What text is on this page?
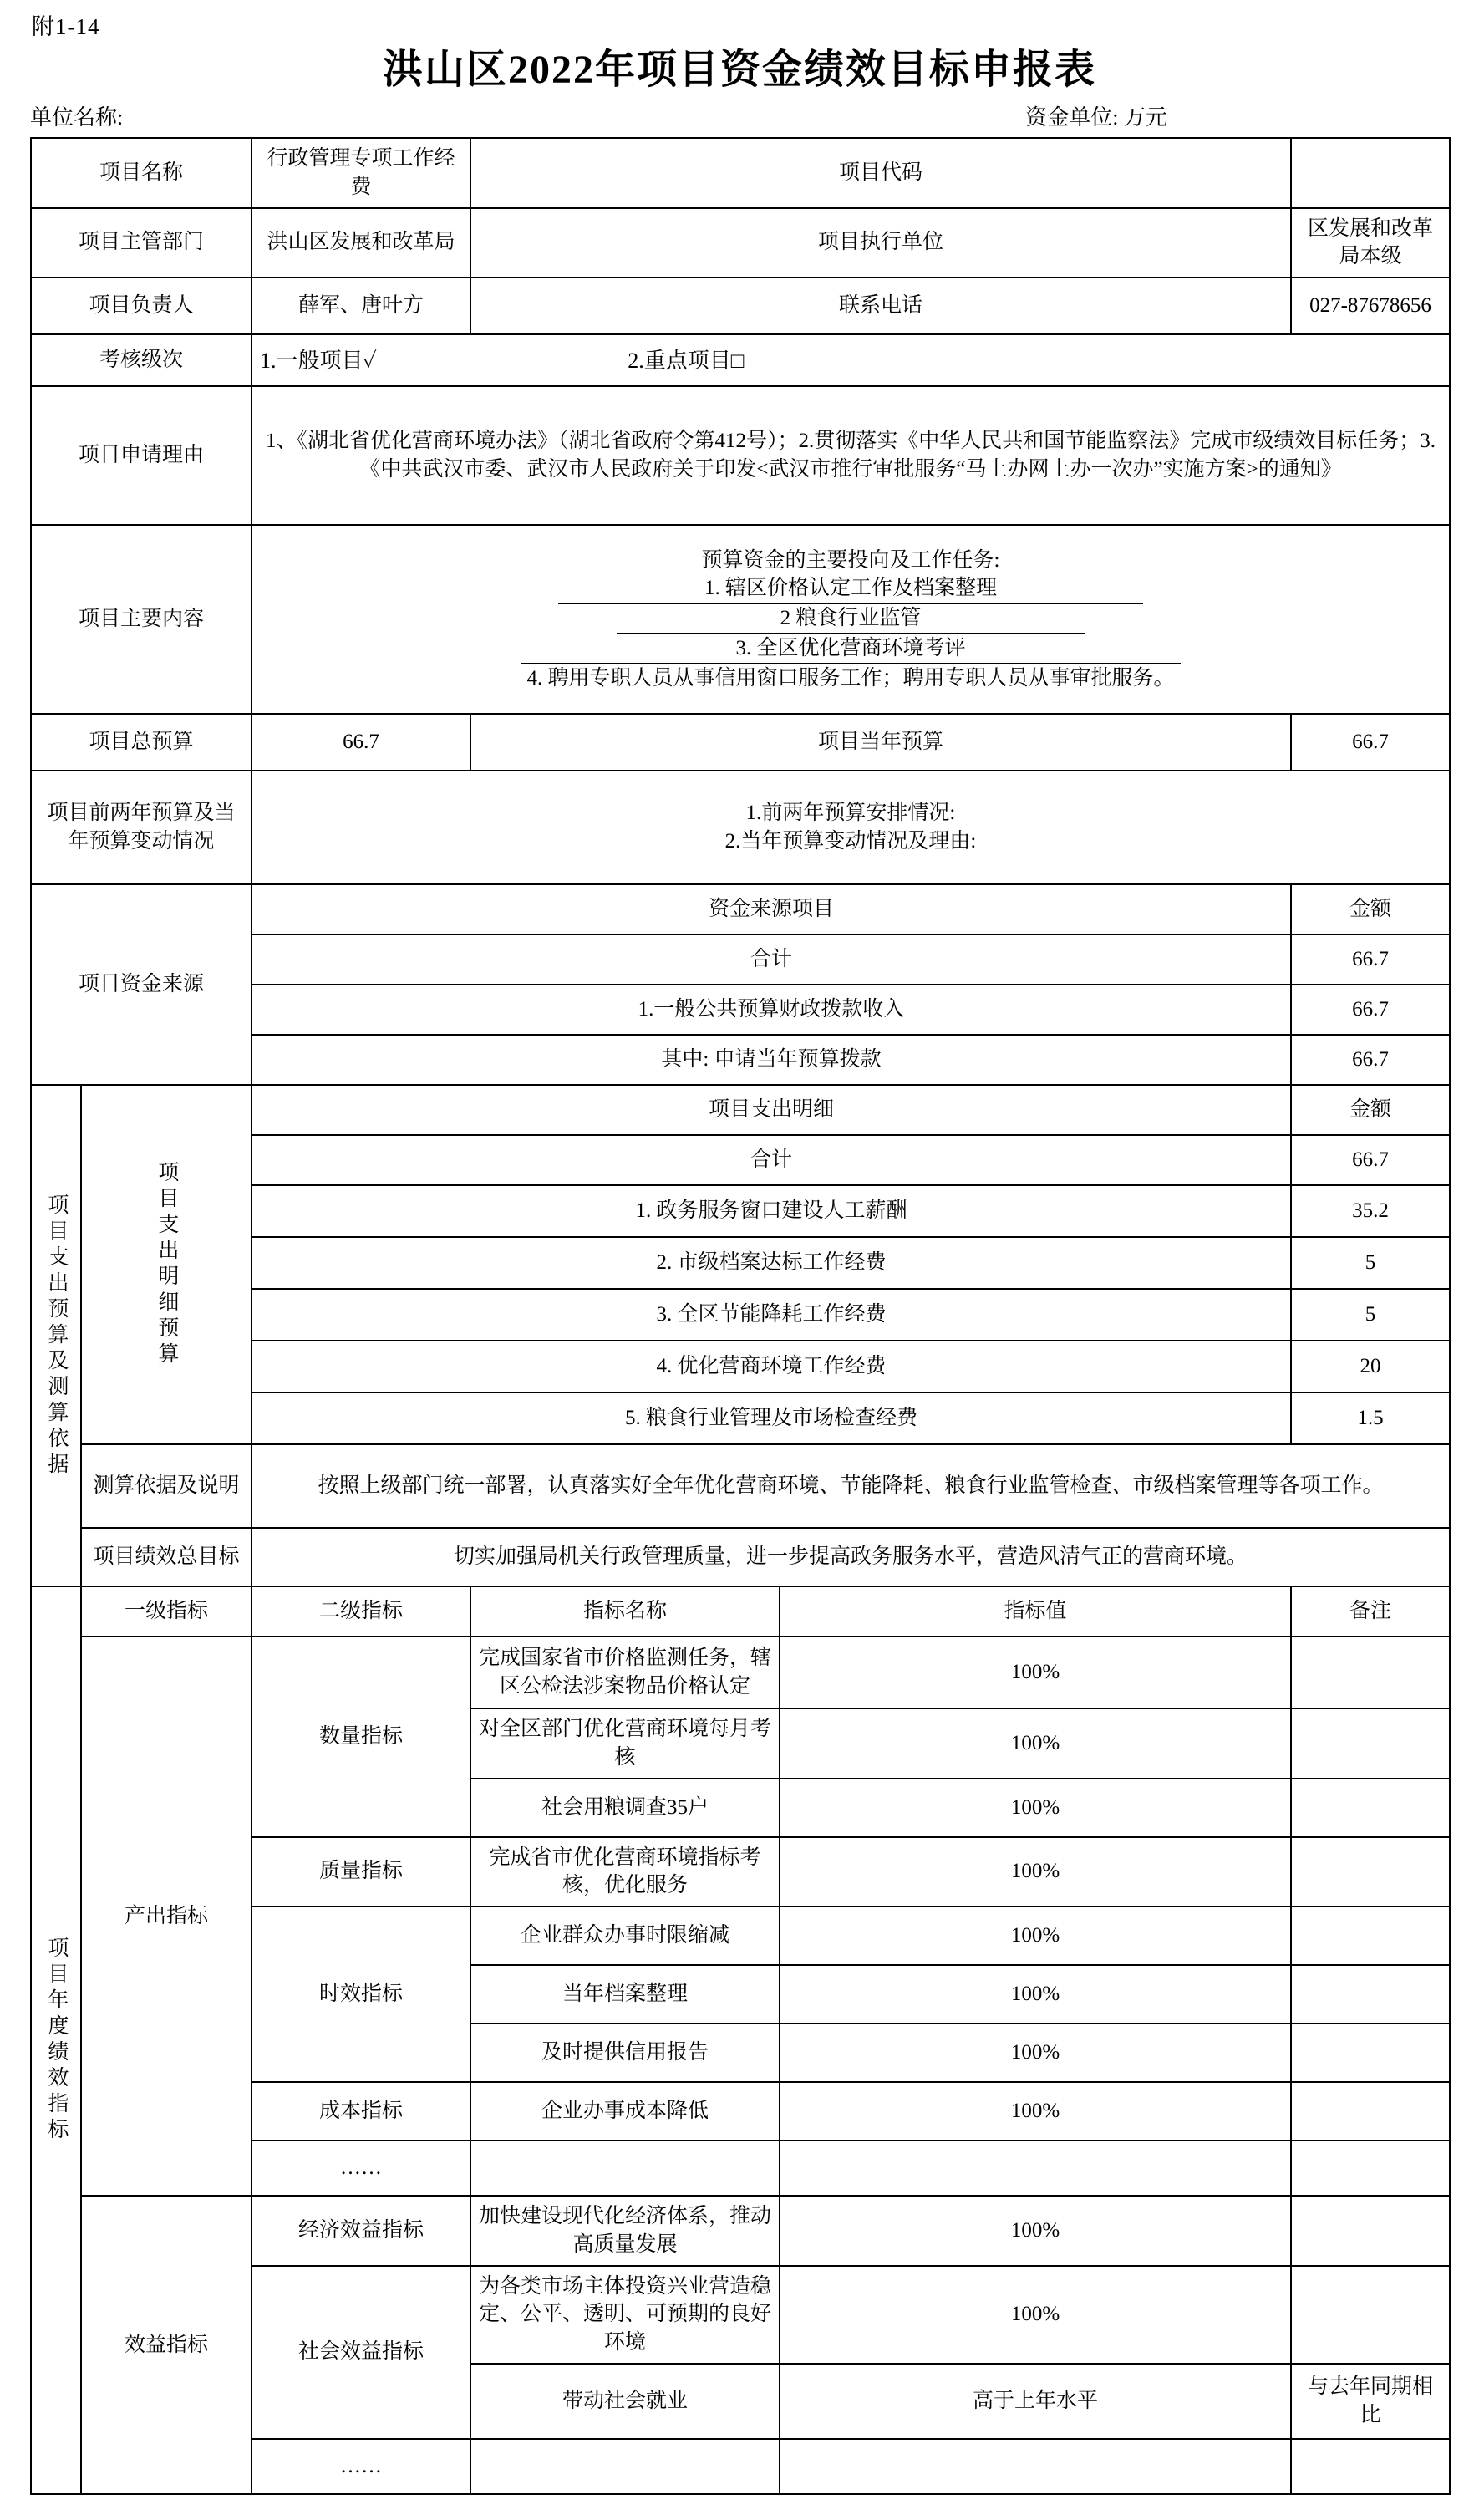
附1-14
洪山区2022年项目资金绩效目标申报表
单位名称:	资金单位: 万元
项目名称		行政管理专项工作经费	项目代码		
项目主管部门		洪山区发展和改革局	项目执行单位		区发展和改革局本级
项目负责人		薛军、唐叶方	联系电话		027-87678656
考核级次		1.一般项目✓ 2.重点项目□			

项目申请理由		1、《湖北省优化营商环境办法》（湖北省政府令第412号）；2.贯彻落实《中华人民共和国节能监察法》完成市级绩效目标任务；3.《中共武汉市委、武汉市人民政府关于印发<武汉市推行审批服务“马上办网上办一次办”实施方案>的通知》			
项目主要内容		预算资金的主要投向及工作任务:
1. 辖区价格认定工作及档案整理
2 粮食行业监管
3. 全区优化营商环境考评
4. 聘用专职人员从事信用窗口服务工作；聘用专职人员从事审批服务。			

项目总预算		66.7	项目当年预算		66.7
项目前两年预算及当年预算变动情况		1.前两年预算安排情况:
2.当年预算变动情况及理由:			

项目资金来源		资金来源项目			金额
		合计			66.7
		1.一般公共预算财政拨款收入			66.7
		其中: 申请当年预算拨款			66.7
项目支出预算及测算依据	项目支出明细预算	项目支出明细			金额
		合计			66.7
		1. 政务服务窗口建设人工薪酬			35.2
		2. 市级档案达标工作经费			5
		3. 全区节能降耗工作经费			5
		4. 优化营商环境工作经费			20
		5. 粮食行业管理及市场检查经费			1.5
	测算依据及说明	按照上级部门统一部署，认真落实好全年优化营商环境、节能降耗、粮食行业监管检查、市级档案管理等各项工作。			
	项目绩效总目标	切实加强局机关行政管理质量，进一步提高政务服务水平，营造风清气正的营商环境。			
项目年度绩效指标	一级指标	二级指标	指标名称	指标值	备注
	产出指标	数量指标	完成国家省市价格监测任务，辖区公检法涉案物品价格认定	100%	
			对全区部门优化营商环境每月考核	100%	
			社会用粮调查35户	100%	
		质量指标	完成省市优化营商环境指标考核，优化服务	100%	
		时效指标	企业群众办事时限缩减	100%	
			当年档案整理	100%	
			及时提供信用报告	100%	
		成本指标	企业办事成本降低	100%	
		……			
	效益指标	经济效益指标	加快建设现代化经济体系，推动高质量发展	100%	
		社会效益指标	为各类市场主体投资兴业营造稳定、公平、透明、可预期的良好环境	100%	
			带动社会就业	高于上年水平	与去年同期相比
		……			
